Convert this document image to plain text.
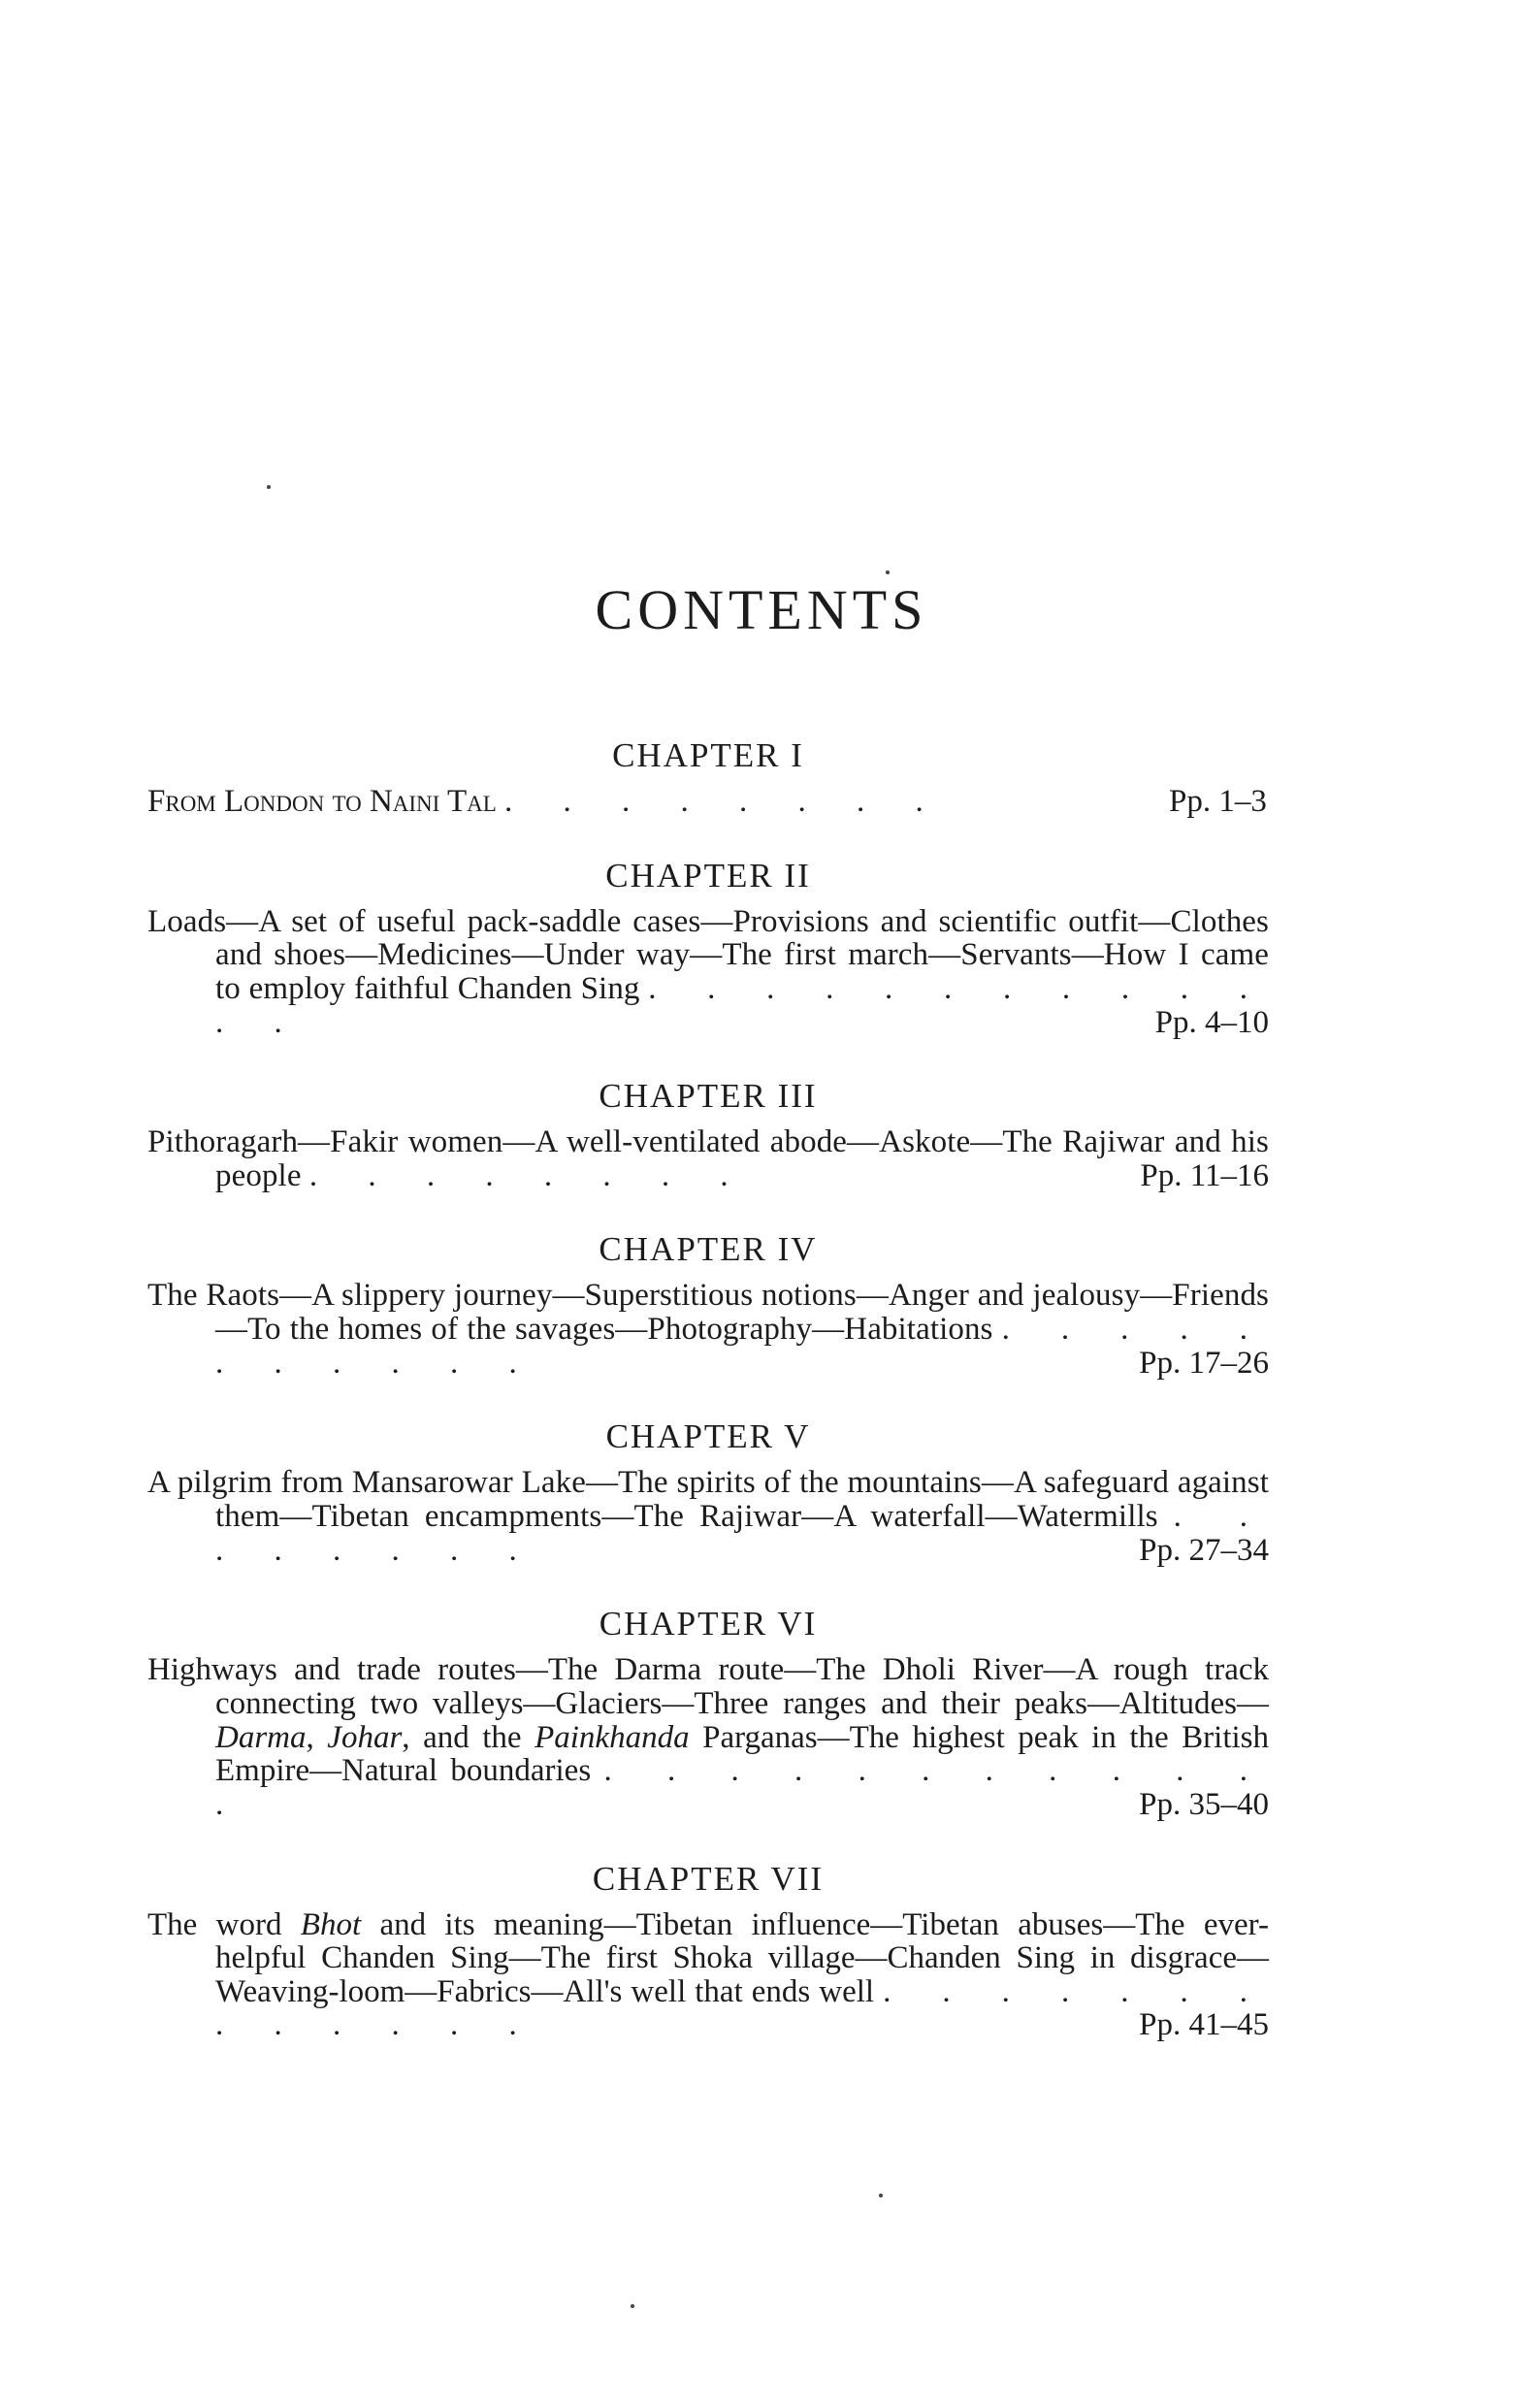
CONTENTS
CHAPTER I
From London to Naini Tal . . . . . . . .	Pp. 1–3
CHAPTER II
Loads—A set of useful pack-saddle cases—Provisions and scientific outfit—Clothes and shoes—Medicines—Under way—The first march—Servants—How I came to employ faithful Chanden Sing . . . . . . . . . . . . .	Pp. 4–10
CHAPTER III
Pithoragarh—Fakir women—A well-ventilated abode—Askote—The Rajiwar and his people . . . . . . . .	Pp. 11–16
CHAPTER IV
The Raots—A slippery journey—Superstitious notions—Anger and jealousy—Friends—To the homes of the savages—Photography—Habitations . . . . . . . . . . .	Pp. 17–26
CHAPTER V
A pilgrim from Mansarowar Lake—The spirits of the mountains—A safeguard against them—Tibetan encampments—The Rajiwar—A waterfall—Watermills . . . . . . . .	Pp. 27–34
CHAPTER VI
Highways and trade routes—The Darma route—The Dholi River—A rough track connecting two valleys—Glaciers—Three ranges and their peaks—Altitudes—Darma, Johar, and the Painkhanda Parganas—The highest peak in the British Empire—Natural boundaries . . . . . . . . . . . .	Pp. 35–40
CHAPTER VII
The word Bhot and its meaning—Tibetan influence—Tibetan abuses—The ever-helpful Chanden Sing—The first Shoka village—Chanden Sing in disgrace—Weaving-loom—Fabrics—All's well that ends well . . . . . . . . . . . . .	Pp. 41–45
